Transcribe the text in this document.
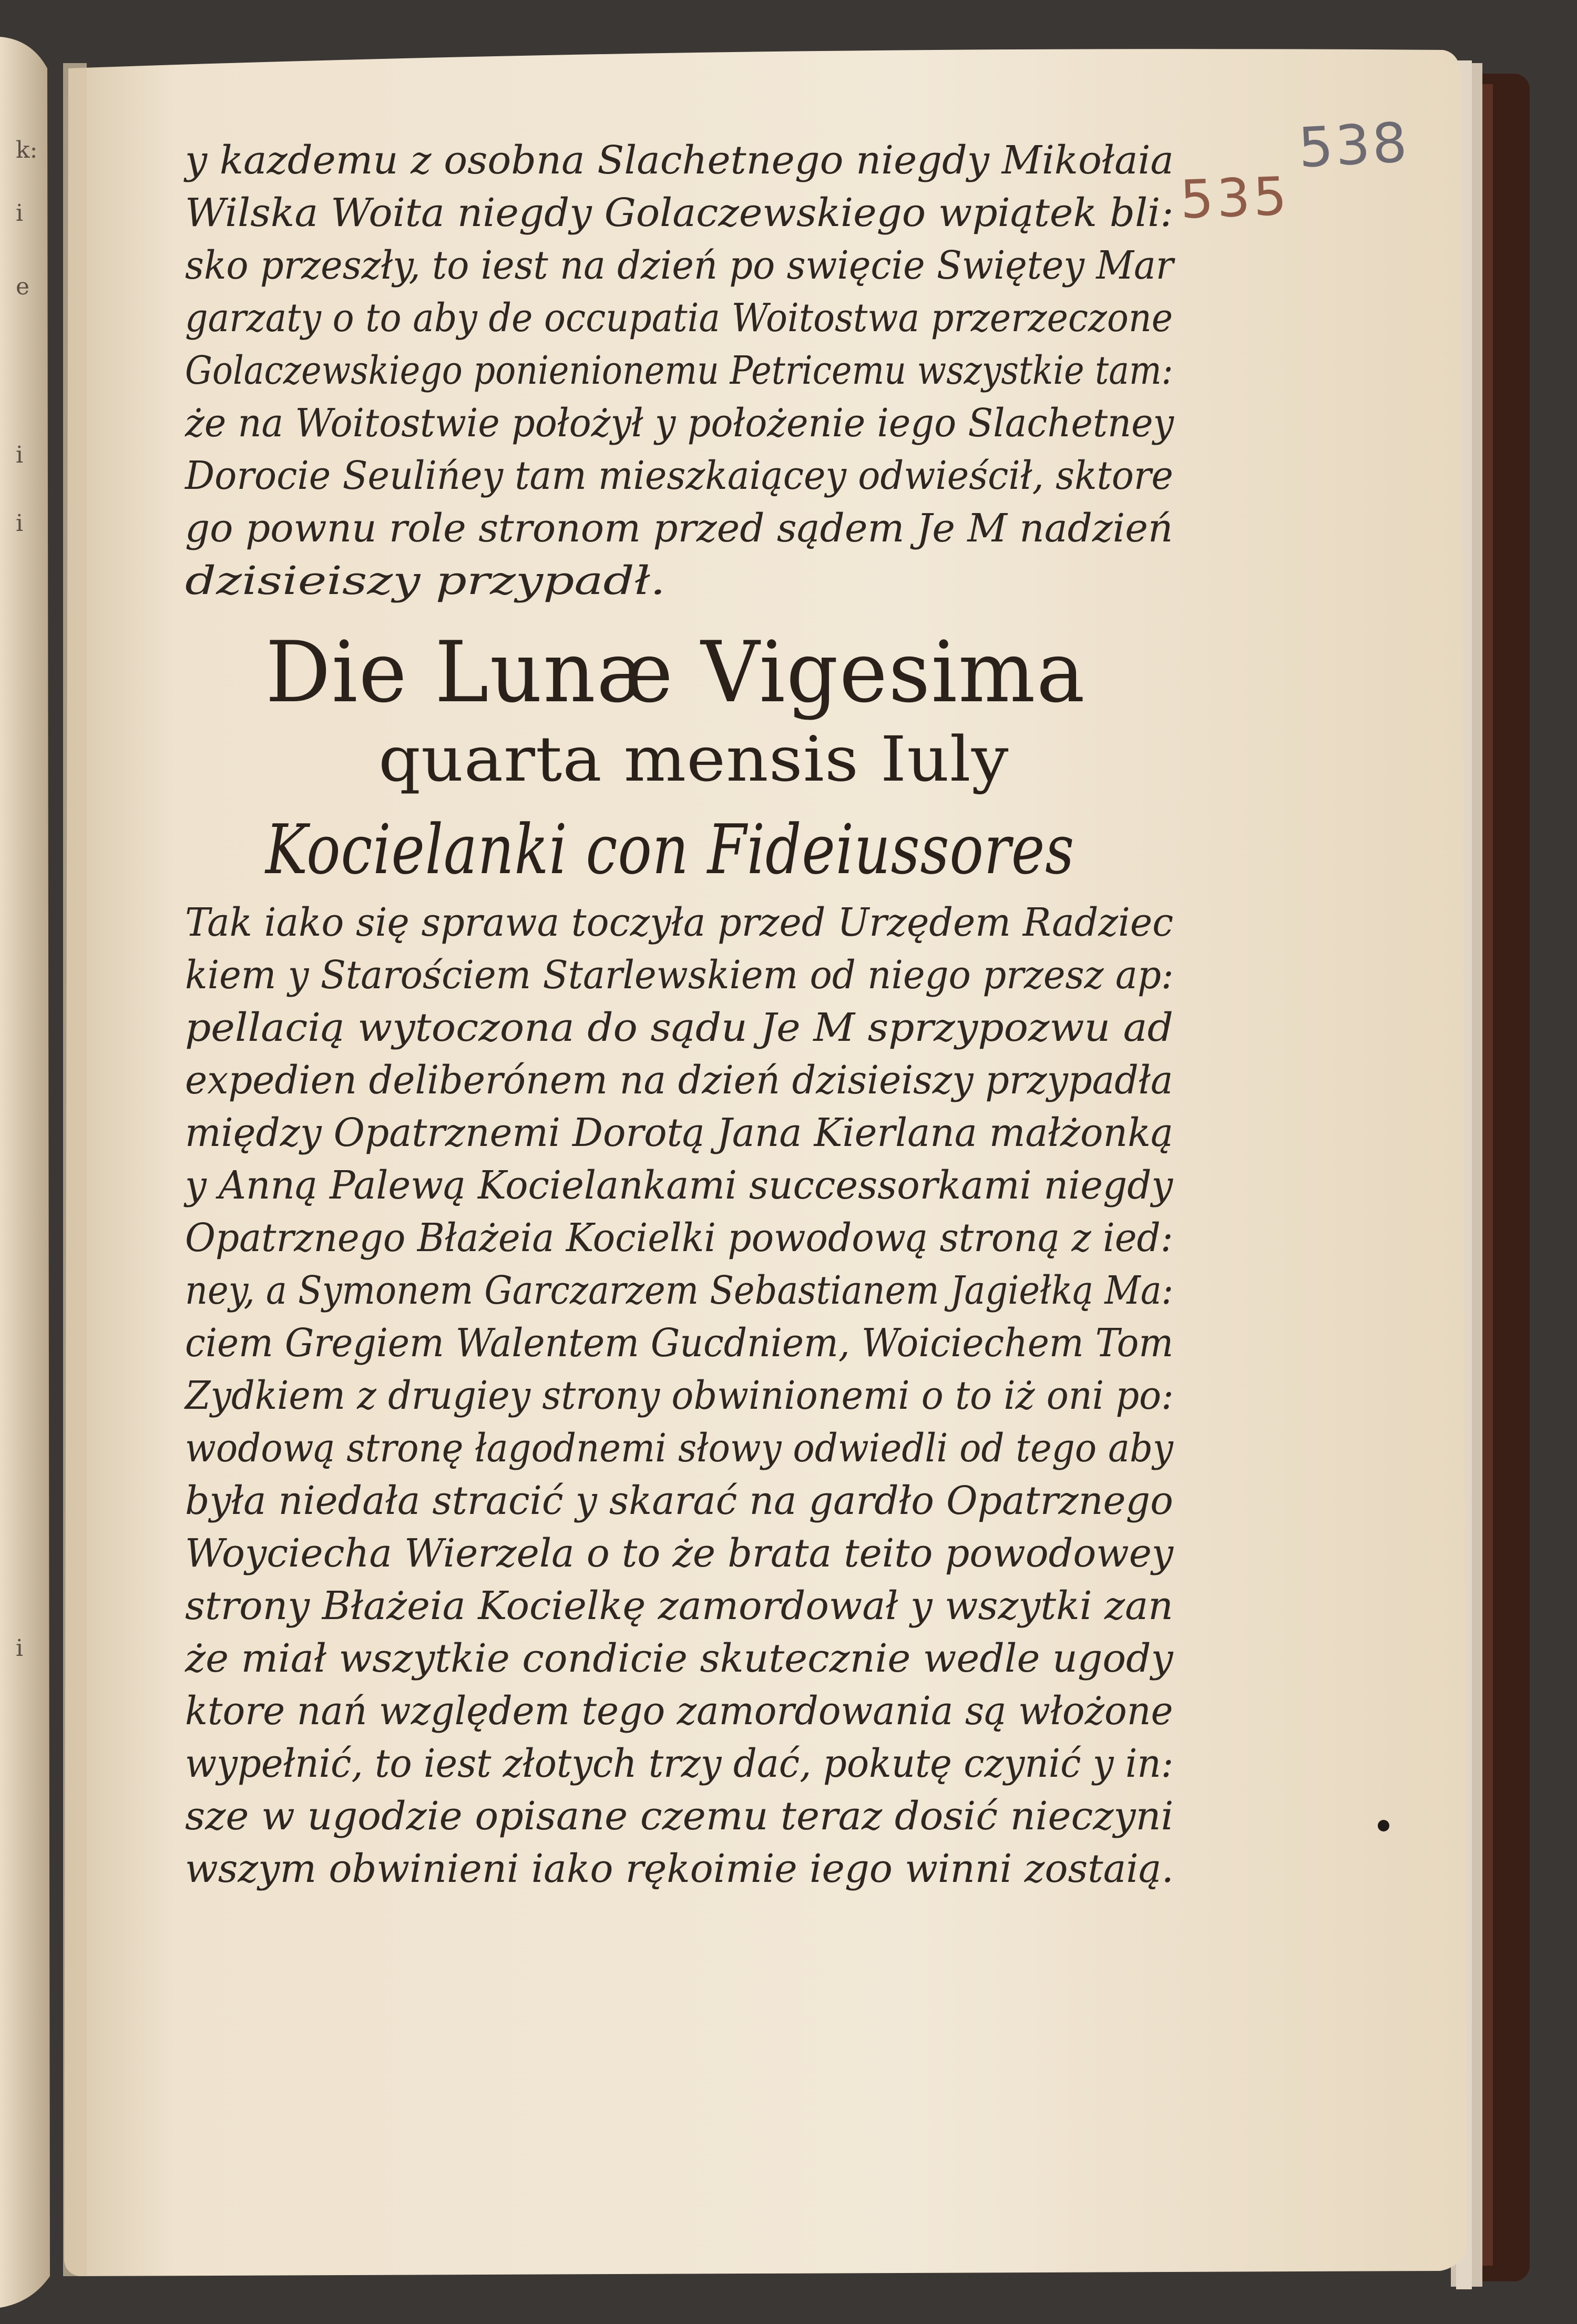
k:
i
e
i
i
i
538
535
y kazdemu z osobna Slachetnego niegdy Mikołaia
Wilska Woita niegdy Golaczewskiego wpiątek bli:
sko przeszły, to iest na dzień po swięcie Swiętey Mar
garzaty o to aby de occupatia Woitostwa przerzeczone
Golaczewskiego ponienionemu Petricemu wszystkie tam:
że na Woitostwie położył y położenie iego Slachetney
Dorocie Seulińey tam mieszkaiącey odwieścił, sktore
go pownu role stronom przed sądem Je M nadzień
dzisieiszy przypadł.
Die Lunæ Vigesima
quarta mensis Iuly
Kocielanki con Fideiussores
Tak iako się sprawa toczyła przed Urzędem Radziec
kiem y Starościem Starlewskiem od niego przesz ap:
pellacią wytoczona do sądu Je M sprzypozwu ad
expedien deliberónem na dzień dzisieiszy przypadła
między Opatrznemi Dorotą Jana Kierlana małżonką
y Anną Palewą Kocielankami successorkami niegdy
Opatrznego Błażeia Kocielki powodową stroną z ied:
ney, a Symonem Garczarzem Sebastianem Jagiełką Ma:
ciem Gregiem Walentem Gucdniem, Woiciechem Tom
Zydkiem z drugiey strony obwinionemi o to iż oni po:
wodową stronę łagodnemi słowy odwiedli od tego aby
była niedała stracić y skarać na gardło Opatrznego
Woyciecha Wierzela o to że brata teito powodowey
strony Błażeia Kocielkę zamordował y wszytki zan
że miał wszytkie condicie skutecznie wedle ugody
ktore nań względem tego zamordowania są włożone
wypełnić, to iest złotych trzy dać, pokutę czynić y in:
sze w ugodzie opisane czemu teraz dosić nieczyni
wszym obwinieni iako rękoimie iego winni zostaią.
